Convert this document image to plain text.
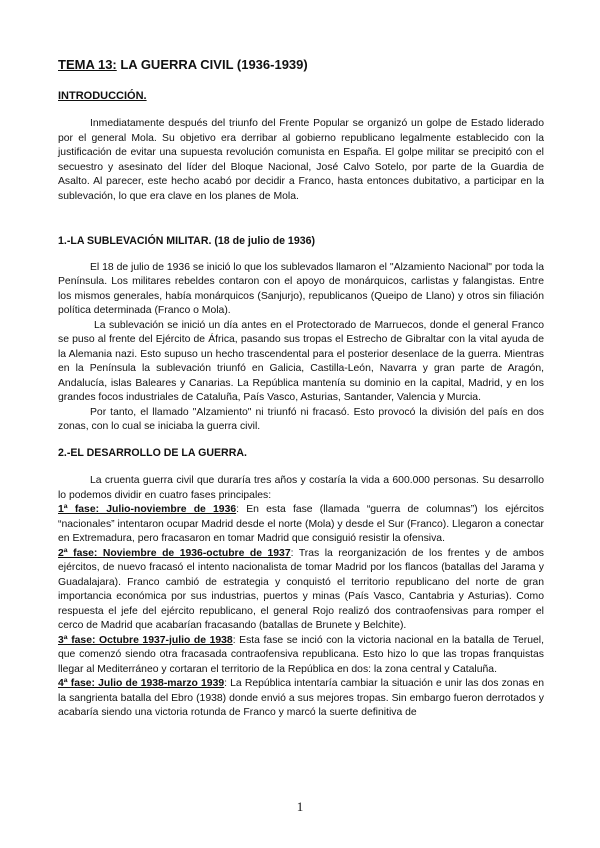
TEMA 13: LA GUERRA CIVIL (1936-1939)

INTRODUCCIÓN.

Inmediatamente después del triunfo del Frente Popular se organizó un golpe de Estado liderado por el general Mola. Su objetivo era derribar al gobierno republicano legalmente establecido con la justificación de evitar una supuesta revolución comunista en España. El golpe militar se precipitó con el secuestro y asesinato del líder del Bloque Nacional, José Calvo Sotelo, por parte de la Guardia de Asalto. Al parecer, este hecho acabó por decidir a Franco, hasta entonces dubitativo, a participar en la sublevación, lo que era clave en los planes de Mola.

1.-LA SUBLEVACIÓN MILITAR. (18 de julio de 1936)

El 18 de julio de 1936 se inició lo que los sublevados llamaron el "Alzamiento Nacional" por toda la Península. Los militares rebeldes contaron con el apoyo de monárquicos, carlistas y falangistas. Entre los mismos generales, había monárquicos (Sanjurjo), republicanos (Queipo de Llano) y otros sin filiación política determinada (Franco o Mola).

La sublevación se inició un día antes en el Protectorado de Marruecos, donde el general Franco se puso al frente del Ejército de África, pasando sus tropas el Estrecho de Gibraltar con la vital ayuda de la Alemania nazi. Esto supuso un hecho trascendental para el posterior desenlace de la guerra. Mientras en la Península la sublevación triunfó en Galicia, Castilla-León, Navarra y gran parte de Aragón, Andalucía, islas Baleares y Canarias. La República mantenía su dominio en la capital, Madrid, y en los grandes focos industriales de Cataluña, País Vasco, Asturias, Santander, Valencia y Murcia.

Por tanto, el llamado "Alzamiento" ni triunfó ni fracasó. Esto provocó la división del país en dos zonas, con lo cual se iniciaba la guerra civil.

2.-EL DESARROLLO DE LA GUERRA.

La cruenta guerra civil que duraría tres años y costaría la vida a 600.000 personas. Su desarrollo lo podemos dividir en cuatro fases principales:

1ª fase: Julio-noviembre de 1936: En esta fase (llamada “guerra de columnas”) los ejércitos “nacionales” intentaron ocupar Madrid desde el norte (Mola) y desde el Sur (Franco). Llegaron a conectar en Extremadura, pero fracasaron en tomar Madrid que consiguió resistir la ofensiva.

2ª fase: Noviembre de 1936-octubre de 1937: Tras la reorganización de los frentes y de ambos ejércitos, de nuevo fracasó el intento nacionalista de tomar Madrid por los flancos (batallas del Jarama y Guadalajara). Franco cambió de estrategia y conquistó el territorio republicano del norte de gran importancia económica por sus industrias, puertos y minas (País Vasco, Cantabria y Asturias). Como respuesta el jefe del ejército republicano, el general Rojo realizó dos contraofensivas para romper el cerco de Madrid que acabarían fracasando (batallas de Brunete y Belchite).

3ª fase: Octubre 1937-julio de 1938: Esta fase se inció con la victoria nacional en la batalla de Teruel, que comenzó siendo otra fracasada contraofensiva republicana. Esto hizo lo que las tropas franquistas llegar al Mediterráneo y cortaran el territorio de la República en dos: la zona central y Cataluña.

4ª fase: Julio de 1938-marzo 1939: La República intentaría cambiar la situación e unir las dos zonas en la sangrienta batalla del Ebro (1938) donde envió a sus mejores tropas. Sin embargo fueron derrotados y acabaría siendo una victoria rotunda de Franco y marcó la suerte definitiva de

1
